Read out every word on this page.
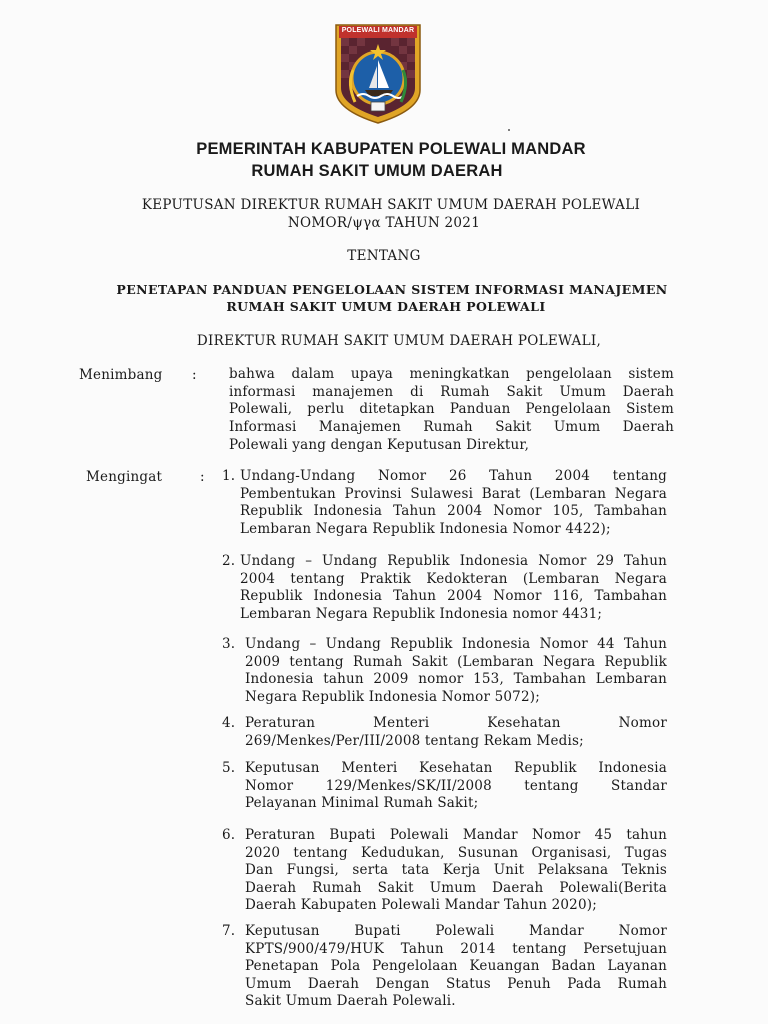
POLEWALI MANDAR
PEMERINTAH KABUPATEN POLEWALI MANDAR
RUMAH SAKIT UMUM DAERAH
KEPUTUSAN DIREKTUR RUMAH SAKIT UMUM DAERAH POLEWALI
NOMOR/ψγα TAHUN 2021
TENTANG
PENETAPAN PANDUAN PENGELOLAAN SISTEM INFORMASI MANAJEMEN
RUMAH SAKIT UMUM DAERAH POLEWALI
DIREKTUR RUMAH SAKIT UMUM DAERAH POLEWALI,
Menimbang : bahwa dalam upaya meningkatkan pengelolaan sistem
informasi manajemen di Rumah Sakit Umum Daerah
Polewali, perlu ditetapkan Panduan Pengelolaan Sistem
Informasi Manajemen Rumah Sakit Umum Daerah
Polewali yang dengan Keputusan Direktur,
Mengingat	: 1. Undang-Undang Nomor 26 Tahun 2004 tentang
Pembentukan Provinsi Sulawesi Barat (Lembaran Negara
Republik Indonesia Tahun 2004 Nomor 105, Tambahan
Lembaran Negara Republik Indonesia Nomor 4422);
2. Undang – Undang Republik Indonesia Nomor 29 Tahun
2004 tentang Praktik Kedokteran (Lembaran Negara
Republik Indonesia Tahun 2004 Nomor 116, Tambahan
Lembaran Negara Republik Indonesia nomor 4431;
3. Undang – Undang Republik Indonesia Nomor 44 Tahun
2009 tentang Rumah Sakit (Lembaran Negara Republik
Indonesia tahun 2009 nomor 153, Tambahan Lembaran
Negara Republik Indonesia Nomor 5072);
4. Peraturan Menteri Kesehatan Nomor
269/Menkes/Per/III/2008 tentang Rekam Medis;
5. Keputusan Menteri Kesehatan Republik Indonesia
Nomor 129/Menkes/SK/II/2008 tentang Standar
Pelayanan Minimal Rumah Sakit;
6. Peraturan Bupati Polewali Mandar Nomor 45 tahun
2020 tentang Kedudukan, Susunan Organisasi, Tugas
Dan Fungsi, serta tata Kerja Unit Pelaksana Teknis
Daerah Rumah Sakit Umum Daerah Polewali(Berita
Daerah Kabupaten Polewali Mandar Tahun 2020);
7. Keputusan Bupati Polewali Mandar Nomor
KPTS/900/479/HUK Tahun 2014 tentang Persetujuan
Penetapan Pola Pengelolaan Keuangan Badan Layanan
Umum Daerah Dengan Status Penuh Pada Rumah
Sakit Umum Daerah Polewali.
